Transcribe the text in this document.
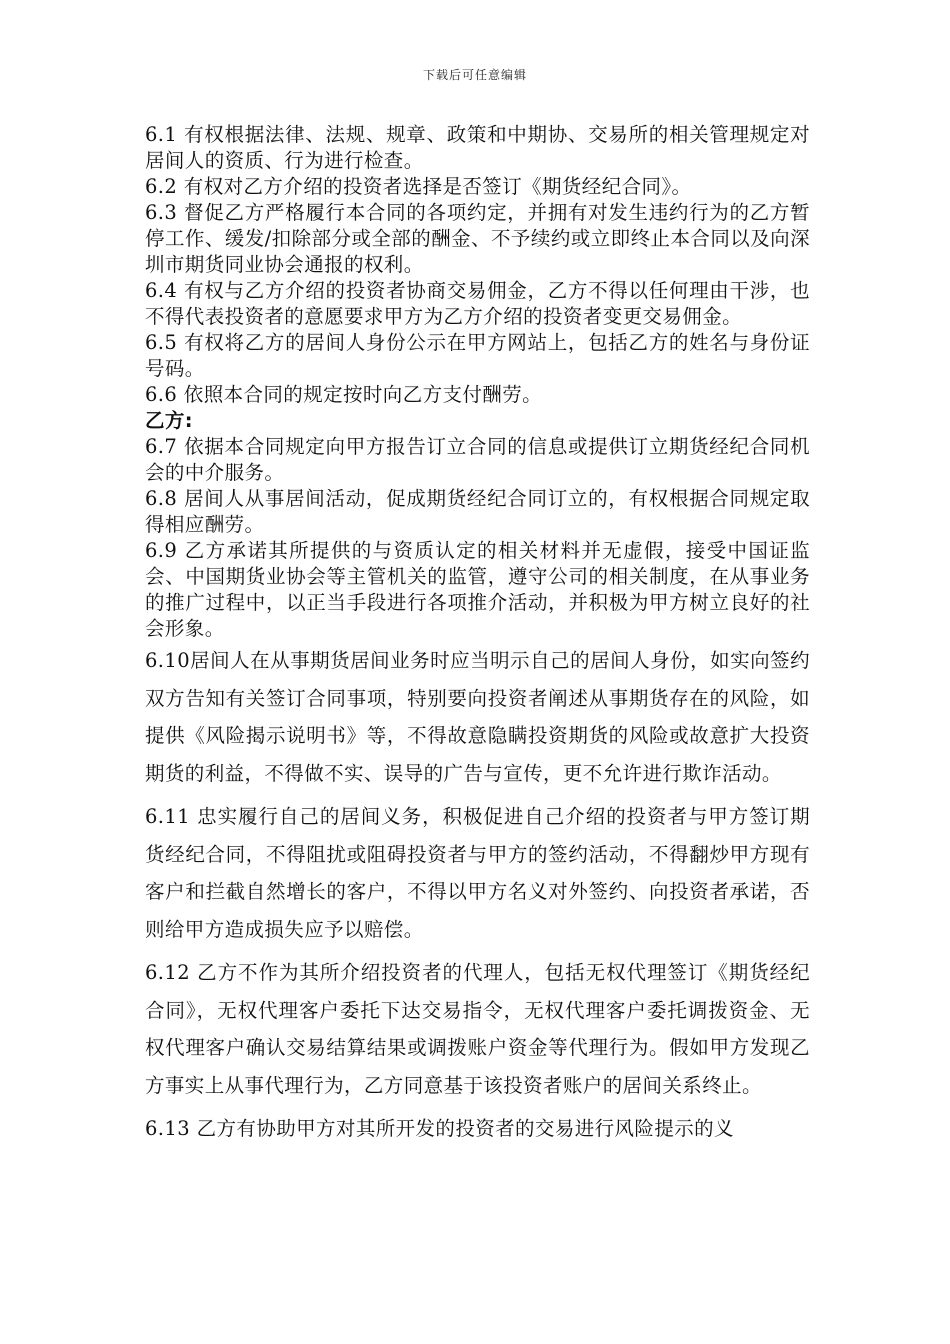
下载后可任意编辑

6.1 有权根据法律、法规、规章、政策和中期协、交易所的相关管理规定对居间人的资质、行为进行检查。

6.2 有权对乙方介绍的投资者选择是否签订《期货经纪合同》。

6.3 督促乙方严格履行本合同的各项约定，并拥有对发生违约行为的乙方暂停工作、缓发/扣除部分或全部的酬金、不予续约或立即终止本合同以及向深圳市期货同业协会通报的权利。

6.4 有权与乙方介绍的投资者协商交易佣金，乙方不得以任何理由干涉，也不得代表投资者的意愿要求甲方为乙方介绍的投资者变更交易佣金。

6.5 有权将乙方的居间人身份公示在甲方网站上，包括乙方的姓名与身份证号码。

6.6 依照本合同的规定按时向乙方支付酬劳。

乙方:

6.7 依据本合同规定向甲方报告订立合同的信息或提供订立期货经纪合同机会的中介服务。

6.8 居间人从事居间活动，促成期货经纪合同订立的，有权根据合同规定取得相应酬劳。

6.9 乙方承诺其所提供的与资质认定的相关材料并无虚假，接受中国证监会、中国期货业协会等主管机关的监管，遵守公司的相关制度，在从事业务的推广过程中，以正当手段进行各项推介活动，并积极为甲方树立良好的社会形象。

6.10居间人在从事期货居间业务时应当明示自己的居间人身份，如实向签约双方告知有关签订合同事项，特别要向投资者阐述从事期货存在的风险，如提供《风险揭示说明书》等，不得故意隐瞒投资期货的风险或故意扩大投资期货的利益，不得做不实、误导的广告与宣传，更不允许进行欺诈活动。

6.11 忠实履行自己的居间义务，积极促进自己介绍的投资者与甲方签订期货经纪合同，不得阻扰或阻碍投资者与甲方的签约活动，不得翻炒甲方现有客户和拦截自然增长的客户，不得以甲方名义对外签约、向投资者承诺，否则给甲方造成损失应予以赔偿。

6.12 乙方不作为其所介绍投资者的代理人，包括无权代理签订《期货经纪合同》，无权代理客户委托下达交易指令，无权代理客户委托调拨资金、无权代理客户确认交易结算结果或调拨账户资金等代理行为。假如甲方发现乙方事实上从事代理行为，乙方同意基于该投资者账户的居间关系终止。

6.13 乙方有协助甲方对其所开发的投资者的交易进行风险提示的义
